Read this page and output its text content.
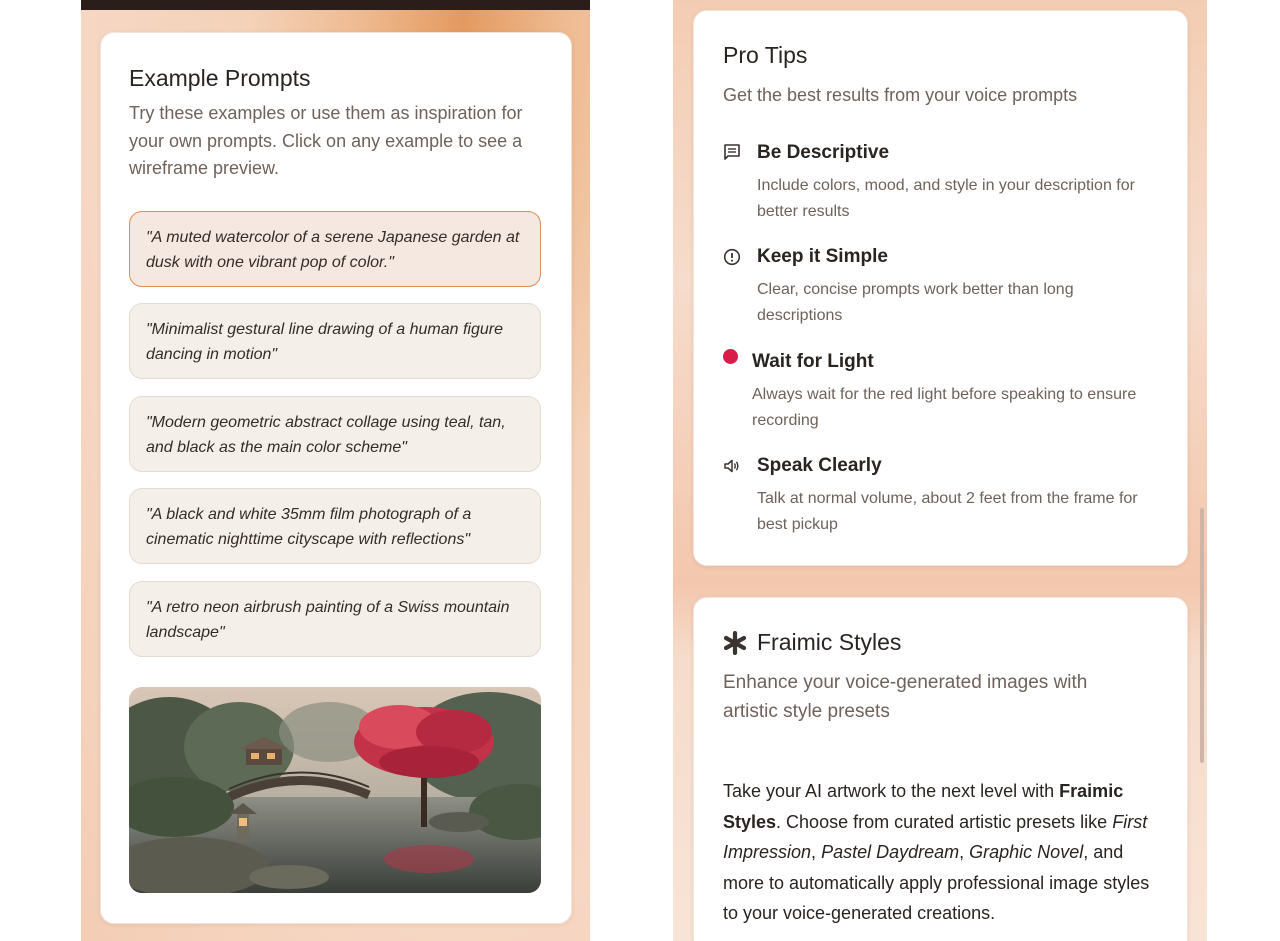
Example Prompts

Try these examples or use them as inspiration for your own prompts. Click on any example to see a wireframe preview.

"A muted watercolor of a serene Japanese garden at dusk with one vibrant pop of color."
"Minimalist gestural line drawing of a human figure dancing in motion"
"Modern geometric abstract collage using teal, tan, and black as the main color scheme"
"A black and white 35mm film photograph of a cinematic nighttime cityscape with reflections"
"A retro neon airbrush painting of a Swiss mountain landscape"
Pro Tips

Get the best results from your voice prompts

Be Descriptive

Include colors, mood, and style in your description for better results

Keep it Simple

Clear, concise prompts work better than long descriptions

Wait for Light

Always wait for the red light before speaking to ensure recording

Speak Clearly

Talk at normal volume, about 2 feet from the frame for best pickup

Fraimic Styles

Enhance your voice-generated images with artistic style presets

Take your AI artwork to the next level with Fraimic Styles. Choose from curated artistic presets like First Impression, Pastel Daydream, Graphic Novel, and more to automatically apply professional image styles to your voice-generated creations.
